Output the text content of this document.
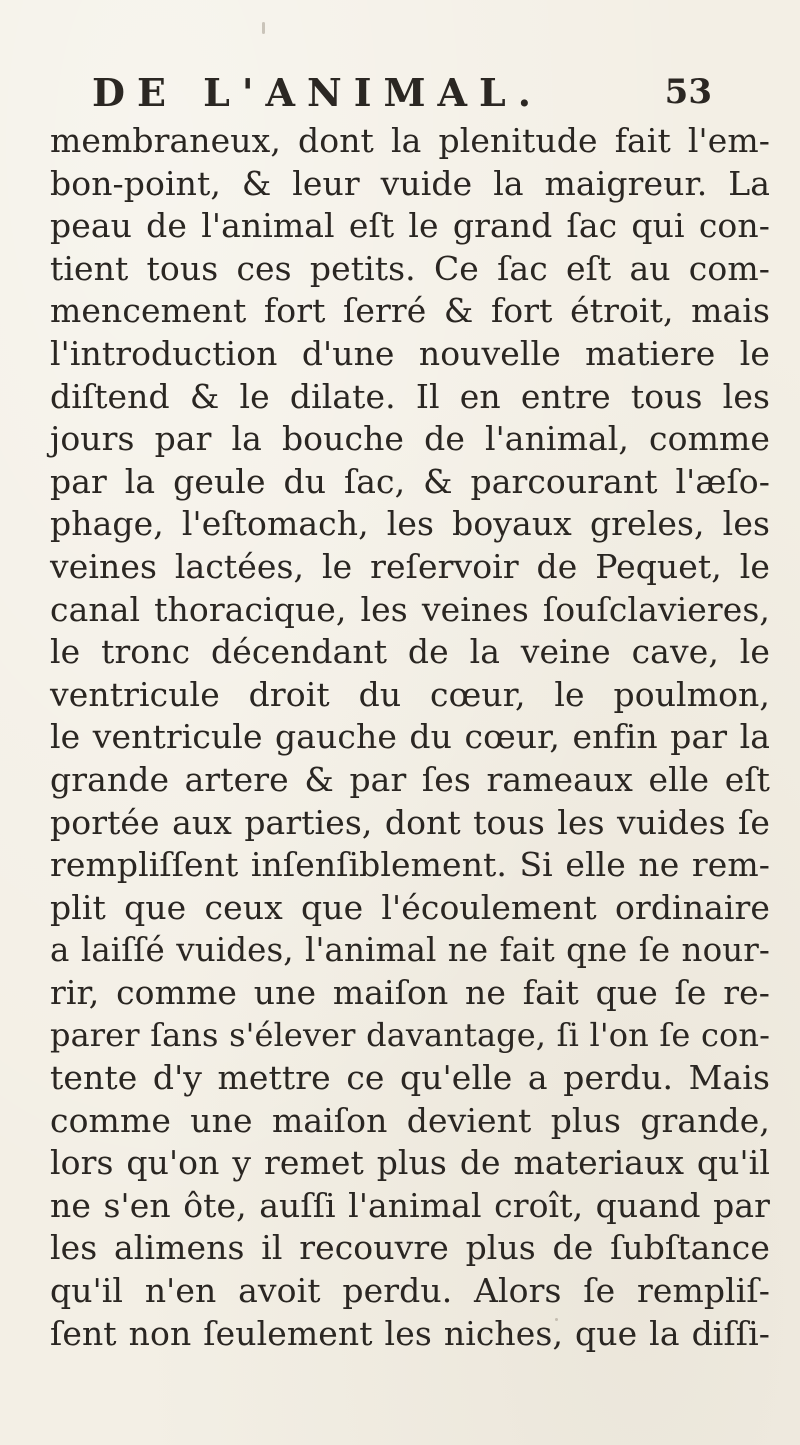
DE L'ANIMAL.	53
membraneux, dont la plenitude fait l'em-
bon-point, & leur vuide la maigreur. La
peau de l'animal eſt le grand ſac qui con-
tient tous ces petits. Ce ſac eſt au com-
mencement fort ſerré & fort étroit, mais
l'introduction d'une nouvelle matiere le
diſtend & le dilate. Il en entre tous les
jours par la bouche de l'animal, comme
par la geule du ſac, & parcourant l'æſo-
phage, l'eſtomach, les boyaux greles, les
veines lactées, le reſervoir de Pequet, le
canal thoracique, les veines ſouſclavieres,
le tronc décendant de la veine cave, le
ventricule droit du cœur, le poulmon,
le ventricule gauche du cœur, enfin par la
grande artere & par ſes rameaux elle eſt
portée aux parties, dont tous les vuides ſe
rempliſſent inſenſiblement. Si elle ne rem-
plit que ceux que l'écoulement ordinaire
a laiſſé vuides, l'animal ne fait qne ſe nour-
rir, comme une maiſon ne fait que ſe re-
parer ſans s'élever davantage, ſi l'on ſe con-
tente d'y mettre ce qu'elle a perdu. Mais
comme une maiſon devient plus grande,
lors qu'on y remet plus de materiaux qu'il
ne s'en ôte, auſſi l'animal croît, quand par
les alimens il recouvre plus de ſubſtance
qu'il n'en avoit perdu. Alors ſe rempliſ-
ſent non ſeulement les niches, que la diſſi-
